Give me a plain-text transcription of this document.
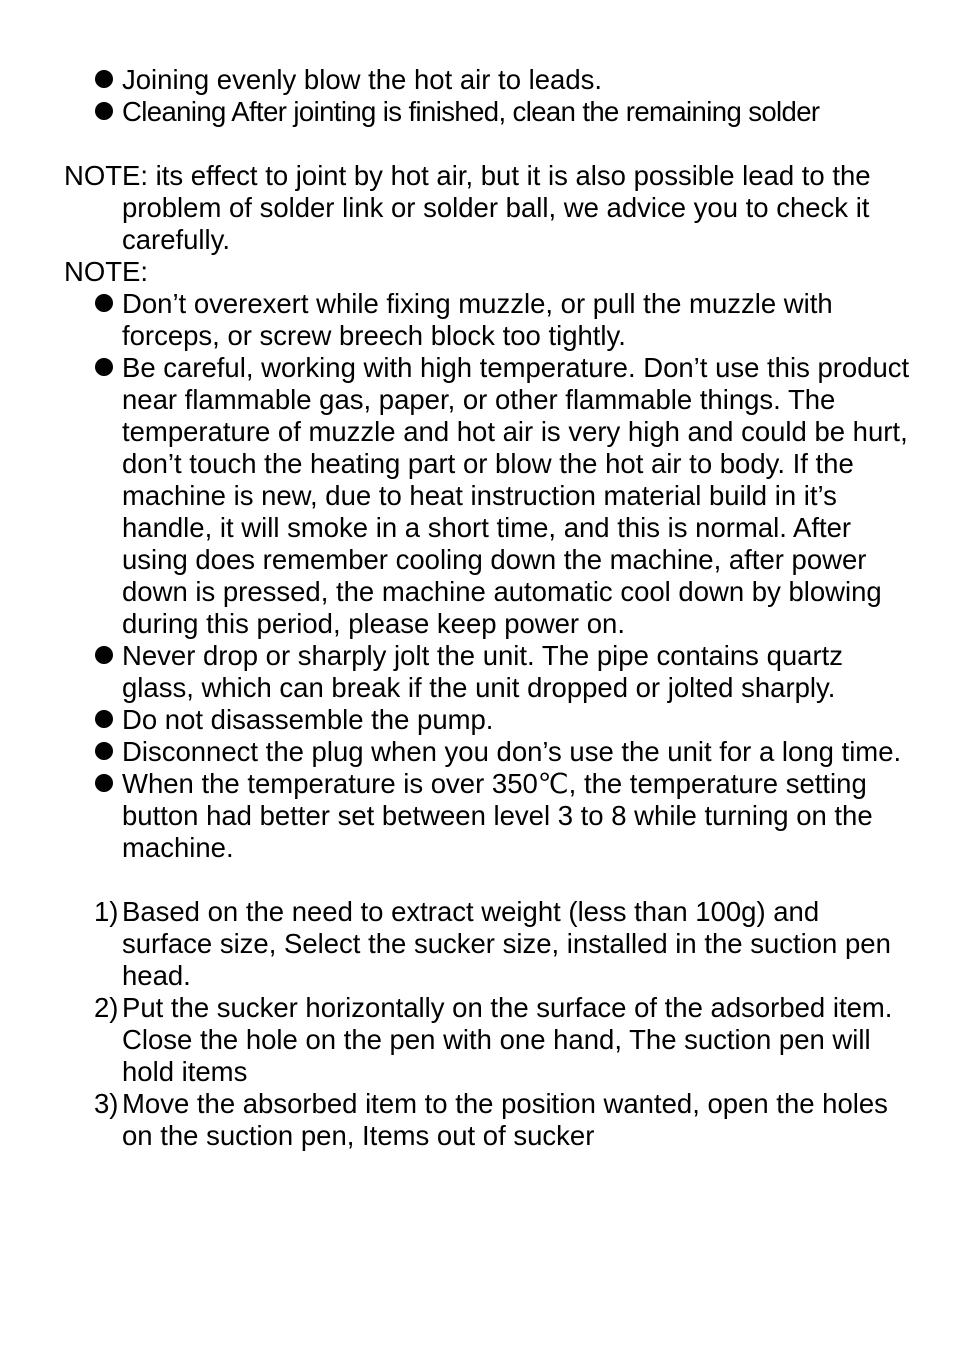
Joining evenly blow the hot air to leads.
Cleaning After jointing is finished, clean the remaining solder
NOTE: its effect to joint by hot air, but it is also possible lead to the problem of solder link or solder ball, we advice you to check it carefully.
NOTE:
Don’t overexert while fixing muzzle, or pull the muzzle with forceps, or screw breech block too tightly.
Be careful, working with high temperature. Don’t use this product near flammable gas, paper, or other flammable things. The temperature of muzzle and hot air is very high and could be hurt, don’t touch the heating part or blow the hot air to body. If the machine is new, due to heat instruction material build in it’s handle, it will smoke in a short time, and this is normal. After using does remember cooling down the machine, after power down is pressed, the machine automatic cool down by blowing during this period, please keep power on.
Never drop or sharply jolt the unit. The pipe contains quartz glass, which can break if the unit dropped or jolted sharply.
Do not disassemble the pump.
Disconnect the plug when you don’s use the unit for a long time.
When the temperature is over 350℃, the temperature setting button had better set between level 3 to 8 while turning on the machine.
1) Based on the need to extract weight (less than 100g) and surface size, Select the sucker size, installed in the suction pen head.
2) Put the sucker horizontally on the surface of the adsorbed item. Close the hole on the pen with one hand, The suction pen will hold items
3) Move the absorbed item to the position wanted, open the holes on the suction pen, Items out of sucker
